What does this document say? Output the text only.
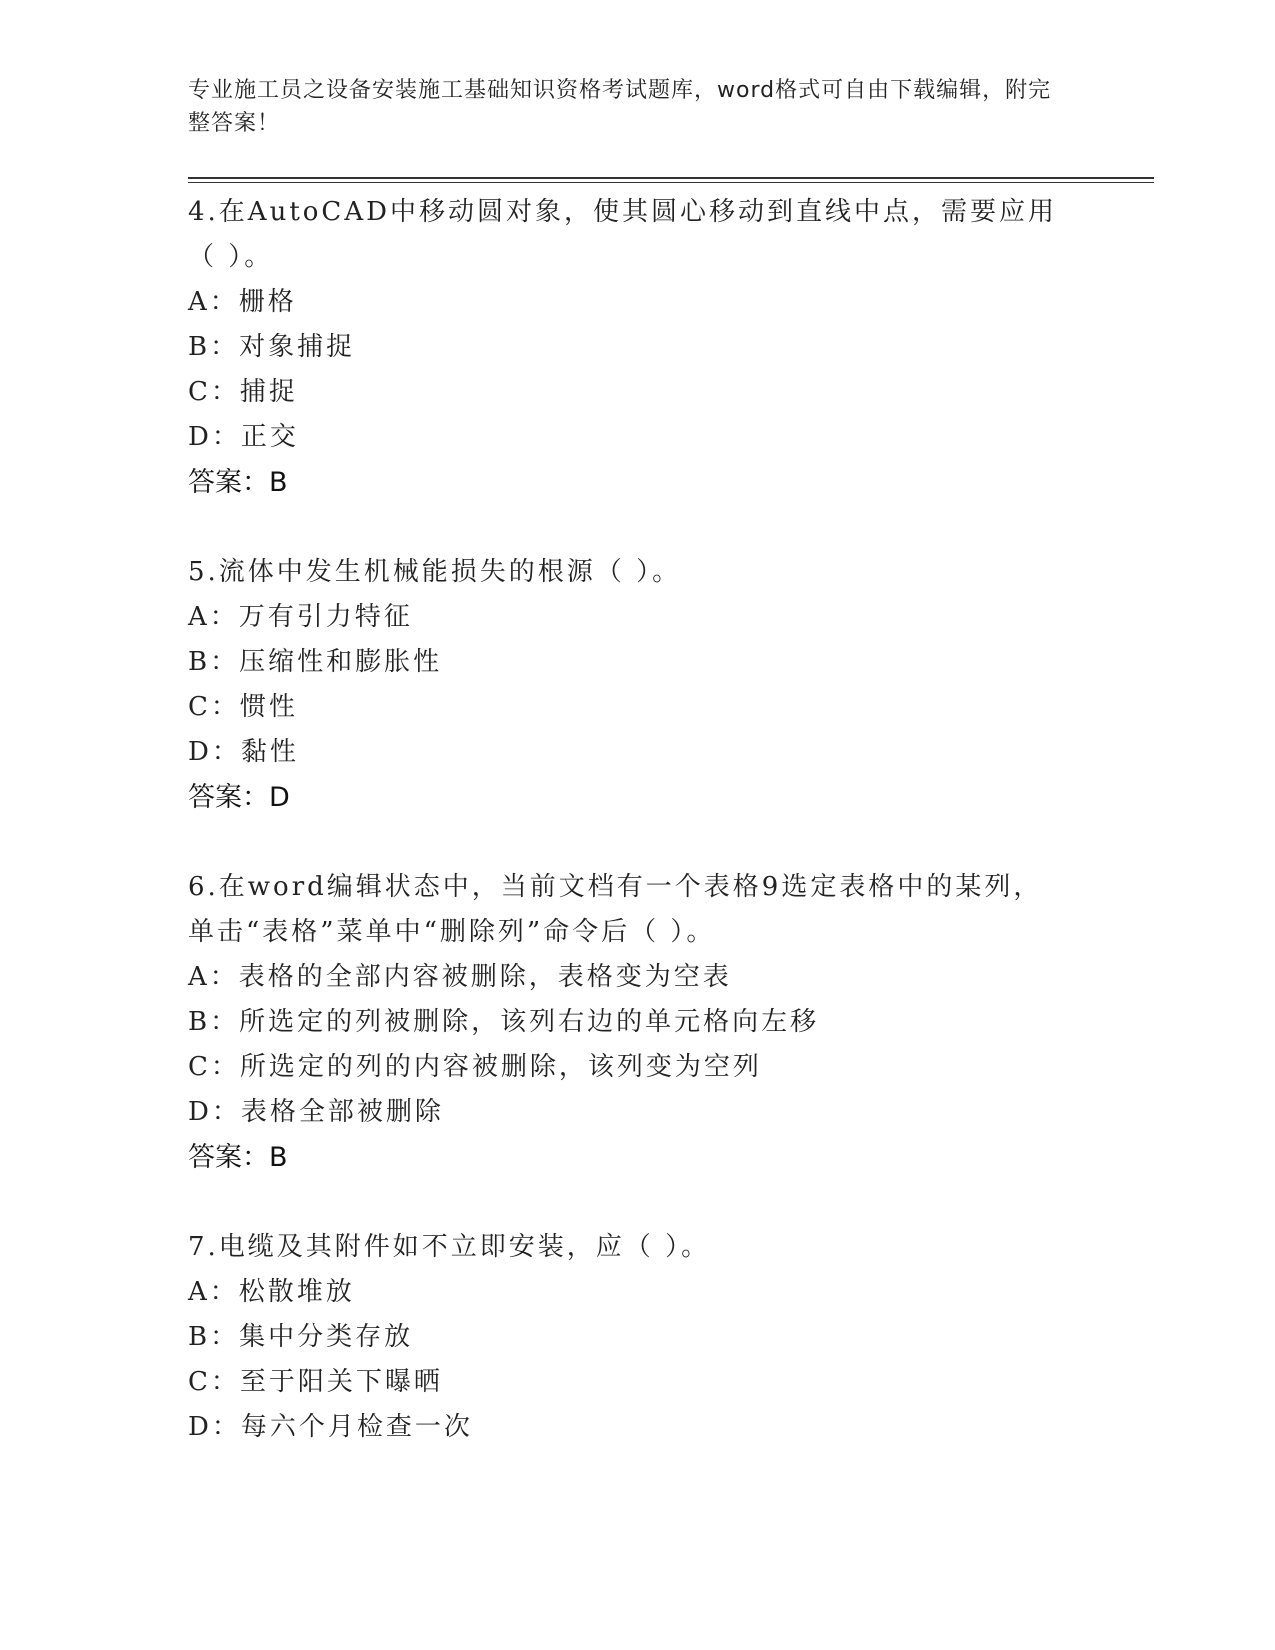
专业施工员之设备安装施工基础知识资格考试题库，word格式可自由下载编辑，附完整答案！

4.在AutoCAD中移动圆对象，使其圆心移动到直线中点，需要应用（ ）。

A：栅格

B：对象捕捉

C：捕捉

D：正交

答案：B

5.流体中发生机械能损失的根源（ ）。

A：万有引力特征

B：压缩性和膨胀性

C：惯性

D：黏性

答案：D

6.在word编辑状态中，当前文档有一个表格9选定表格中的某列，单击“表格”菜单中“删除列”命令后（ ）。

A：表格的全部内容被删除，表格变为空表

B：所选定的列被删除，该列右边的单元格向左移

C：所选定的列的内容被删除，该列变为空列

D：表格全部被删除

答案：B

7.电缆及其附件如不立即安装，应（ ）。

A：松散堆放

B：集中分类存放

C：至于阳关下曝晒

D：每六个月检查一次
